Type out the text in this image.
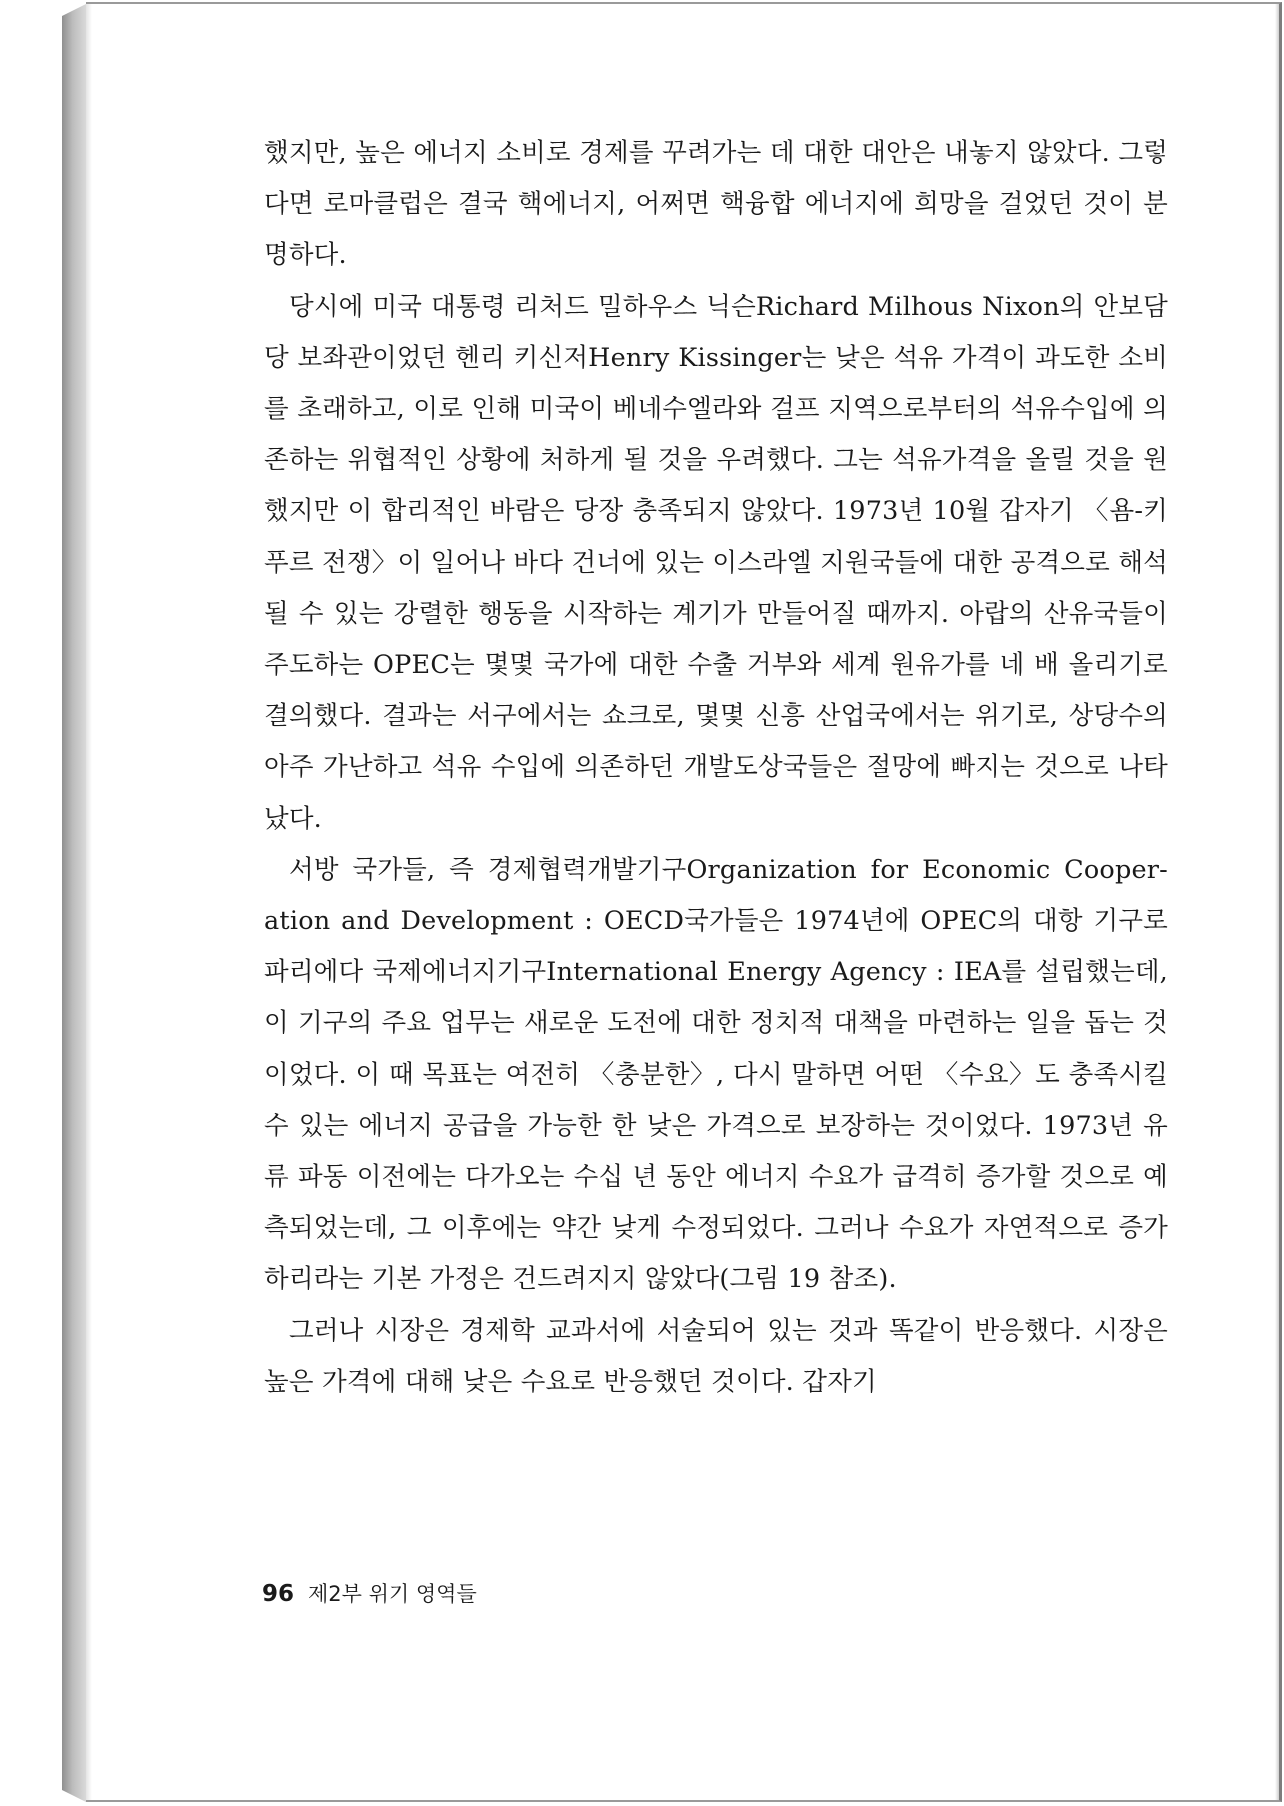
했지만, 높은 에너지 소비로 경제를 꾸려가는 데 대한 대안은 내놓지 않았다. 그렇다면 로마클럽은 결국 핵에너지, 어쩌면 핵융합 에너지에 희망을 걸었던 것이 분명하다.

당시에 미국 대통령 리처드 밀하우스 닉슨Richard Milhous Nixon의 안보담당 보좌관이었던 헨리 키신저Henry Kissinger는 낮은 석유 가격이 과도한 소비를 초래하고, 이로 인해 미국이 베네수엘라와 걸프 지역으로부터의 석유수입에 의존하는 위협적인 상황에 처하게 될 것을 우려했다. 그는 석유가격을 올릴 것을 원했지만 이 합리적인 바람은 당장 충족되지 않았다. 1973년 10월 갑자기 〈욤-키푸르 전쟁〉이 일어나 바다 건너에 있는 이스라엘 지원국들에 대한 공격으로 해석될 수 있는 강렬한 행동을 시작하는 계기가 만들어질 때까지. 아랍의 산유국들이 주도하는 OPEC는 몇몇 국가에 대한 수출 거부와 세계 원유가를 네 배 올리기로 결의했다. 결과는 서구에서는 쇼크로, 몇몇 신흥 산업국에서는 위기로, 상당수의 아주 가난하고 석유 수입에 의존하던 개발도상국들은 절망에 빠지는 것으로 나타났다.

서방 국가들, 즉 경제협력개발기구Organization for Economic Cooper-ation and Development : OECD국가들은 1974년에 OPEC의 대항 기구로 파리에다 국제에너지기구International Energy Agency : IEA를 설립했는데, 이 기구의 주요 업무는 새로운 도전에 대한 정치적 대책을 마련하는 일을 돕는 것이었다. 이 때 목표는 여전히 〈충분한〉, 다시 말하면 어떤 〈수요〉도 충족시킬 수 있는 에너지 공급을 가능한 한 낮은 가격으로 보장하는 것이었다. 1973년 유류 파동 이전에는 다가오는 수십 년 동안 에너지 수요가 급격히 증가할 것으로 예측되었는데, 그 이후에는 약간 낮게 수정되었다. 그러나 수요가 자연적으로 증가하리라는 기본 가정은 건드려지지 않았다(그림 19 참조).

그러나 시장은 경제학 교과서에 서술되어 있는 것과 똑같이 반응했다. 시장은 높은 가격에 대해 낮은 수요로 반응했던 것이다. 갑자기

96 제2부 위기 영역들
